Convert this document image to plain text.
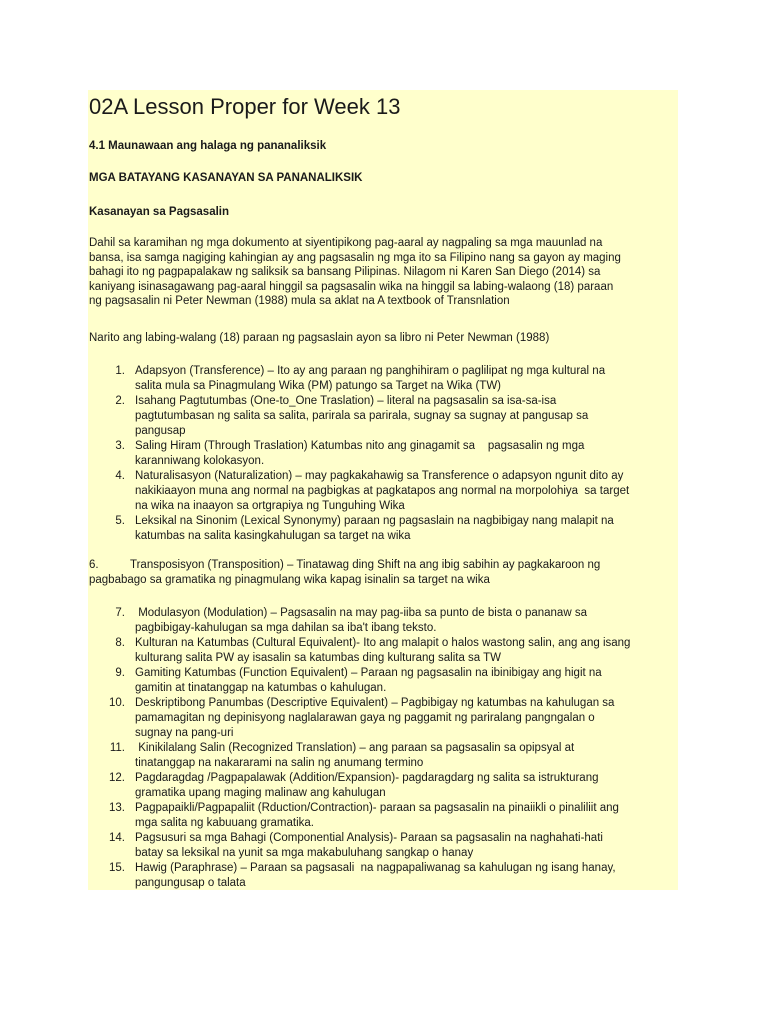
02A Lesson Proper for Week 13

4.1 Maunawaan ang halaga ng pananaliksik

MGA BATAYANG KASANAYAN SA PANANALIKSIK

Kasanayan sa Pagsasalin

Dahil sa karamihan ng mga dokumento at siyentipikong pag-aaral ay nagpaling sa mga mauunlad na
bansa, isa samga nagiging kahingian ay ang pagsasalin ng mga ito sa Filipino nang sa gayon ay maging
bahagi ito ng pagpapalakaw ng saliksik sa bansang Pilipinas. Nilagom ni Karen San Diego (2014) sa
kaniyang isinasagawang pag-aaral hinggil sa pagsasalin wika na hinggil sa labing-walaong (18) paraan
ng pagsasalin ni Peter Newman (1988) mula sa aklat na A textbook of Transnlation

Narito ang labing-walang (18) paraan ng pagsaslain ayon sa libro ni Peter Newman (1988)

1. Adapsyon (Transference) – Ito ay ang paraan ng panghihiram o paglilipat ng mga kultural na
salita mula sa Pinagmulang Wika (PM) patungo sa Target na Wika (TW)
2. Isahang Pagtutumbas (One-to_One Traslation) – literal na pagsasalin sa isa-sa-isa
pagtutumbasan ng salita sa salita, parirala sa parirala, sugnay sa sugnay at pangusap sa
pangusap
3. Saling Hiram (Through Traslation) Katumbas nito ang ginagamit sa    pagsasalin ng mga
karanniwang kolokasyon.
4. Naturalisasyon (Naturalization) – may pagkakahawig sa Transference o adapsyon ngunit dito ay
nakikiaayon muna ang normal na pagbigkas at pagkatapos ang normal na morpolohiya  sa target
na wika na inaayon sa ortgrapiya ng Tunguhing Wika
5. Leksikal na Sinonim (Lexical Synonymy) paraan ng pagsaslain na nagbibigay nang malapit na
katumbas na salita kasingkahulugan sa target na wika
6.	Transposisyon (Transposition) – Tinatawag ding Shift na ang ibig sabihin ay pagkakaroon ng
pagbabago sa gramatika ng pinagmulang wika kapag isinalin sa target na wika
7. Modulasyon (Modulation) – Pagsasalin na may pag-iiba sa punto de bista o pananaw sa
pagbibigay-kahulugan sa mga dahilan sa iba't ibang teksto.
8. Kulturan na Katumbas (Cultural Equivalent)- Ito ang malapit o halos wastong salin, ang ang isang
kulturang salita PW ay isasalin sa katumbas ding kulturang salita sa TW
9. Gamiting Katumbas (Function Equivalent) – Paraan ng pagsasalin na ibinibigay ang higit na
gamitin at tinatanggap na katumbas o kahulugan.
10. Deskriptibong Panumbas (Descriptive Equivalent) – Pagbibigay ng katumbas na kahulugan sa
pamamagitan ng depinisyong naglalarawan gaya ng paggamit ng pariralang pangngalan o
sugnay na pang-uri
11. Kinikilalang Salin (Recognized Translation) – ang paraan sa pagsasalin sa opipsyal at
tinatanggap na nakararami na salin ng anumang termino
12. Pagdaragdag /Pagpapalawak (Addition/Expansion)- pagdaragdarg ng salita sa istrukturang
gramatika upang maging malinaw ang kahulugan
13. Pagpapaikli/Pagpapaliit (Rduction/Contraction)- paraan sa pagsasalin na pinaiikli o pinaliliit ang
mga salita ng kabuuang gramatika.
14. Pagsusuri sa mga Bahagi (Componential Analysis)- Paraan sa pagsasalin na naghahati-hati
batay sa leksikal na yunit sa mga makabuluhang sangkap o hanay
15. Hawig (Paraphrase) – Paraan sa pagsasali  na nagpapaliwanag sa kahulugan ng isang hanay,
pangungusap o talata
